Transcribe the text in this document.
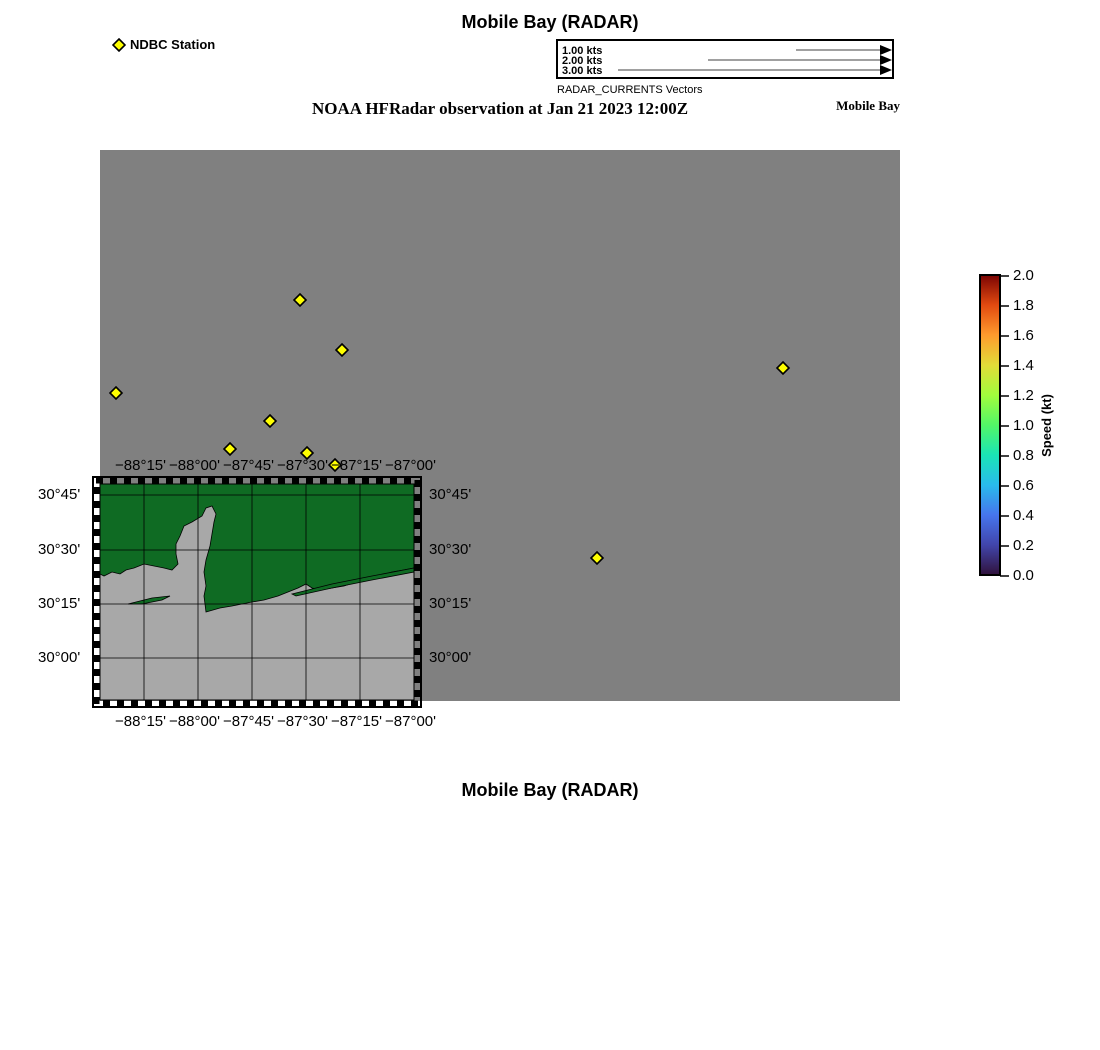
Mobile Bay (RADAR)
NDBC Station	1.00 kts
2.00 kts
3.00 kts
RADAR_CURRENTS Vectors
NOAA HFRadar observation at Jan 21 2023 12:00Z	Mobile Bay
30°45'
30°30'
30°15'
30°00'
30°45'
30°30'
30°15'
30°00'
−88°15' −88°00' −87°45' −87°30' −87°15' −87°00'
−88°15' −88°00' −87°45' −87°30' −87°15' −87°00'
2.0
1.8
1.6
1.4
1.2
1.0
0.8
0.6
0.4
0.2
0.0
Speed (kt)
Mobile Bay (RADAR)
